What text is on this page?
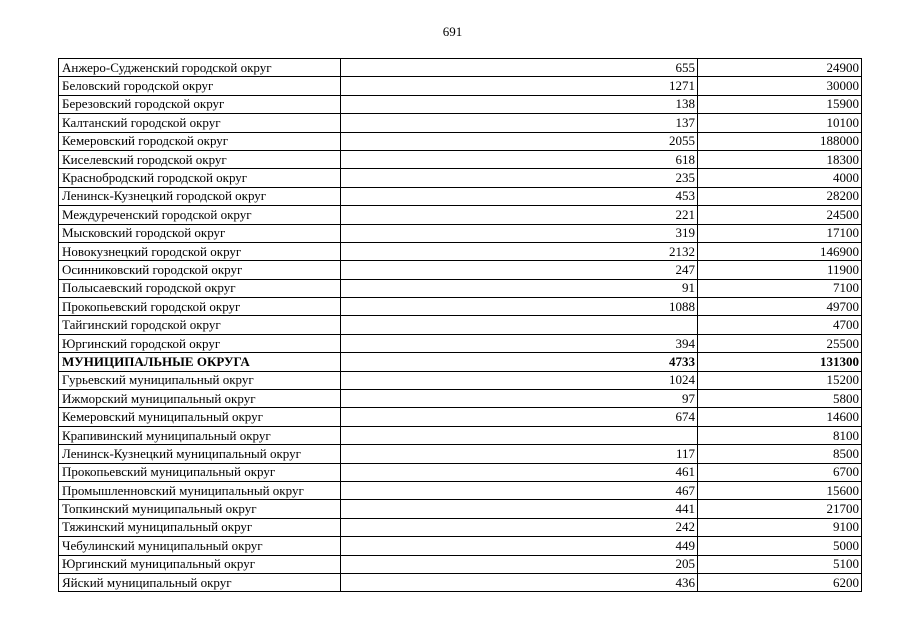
691
Анжеро-Судженский городской округ	655	24900
Беловский городской округ	1271	30000
Березовский городской округ	138	15900
Калтанский городской округ	137	10100
Кемеровский городской округ	2055	188000
Киселевский городской округ	618	18300
Краснобродский городской округ	235	4000
Ленинск-Кузнецкий городской округ	453	28200
Междуреченский городской округ	221	24500
Мысковский городской округ	319	17100
Новокузнецкий городской округ	2132	146900
Осинниковский городской округ	247	11900
Полысаевский городской округ	91	7100
Прокопьевский городской округ	1088	49700
Тайгинский городской округ		4700
Юргинский городской округ	394	25500
МУНИЦИПАЛЬНЫЕ ОКРУГА	4733	131300
Гурьевский муниципальный округ	1024	15200
Ижморский муниципальный округ	97	5800
Кемеровский муниципальный округ	674	14600
Крапивинский муниципальный округ		8100
Ленинск-Кузнецкий муниципальный округ	117	8500
Прокопьевский муниципальный округ	461	6700
Промышленновский муниципальный округ	467	15600
Топкинский муниципальный округ	441	21700
Тяжинский муниципальный округ	242	9100
Чебулинский муниципальный округ	449	5000
Юргинский муниципальный округ	205	5100
Яйский муниципальный округ	436	6200
